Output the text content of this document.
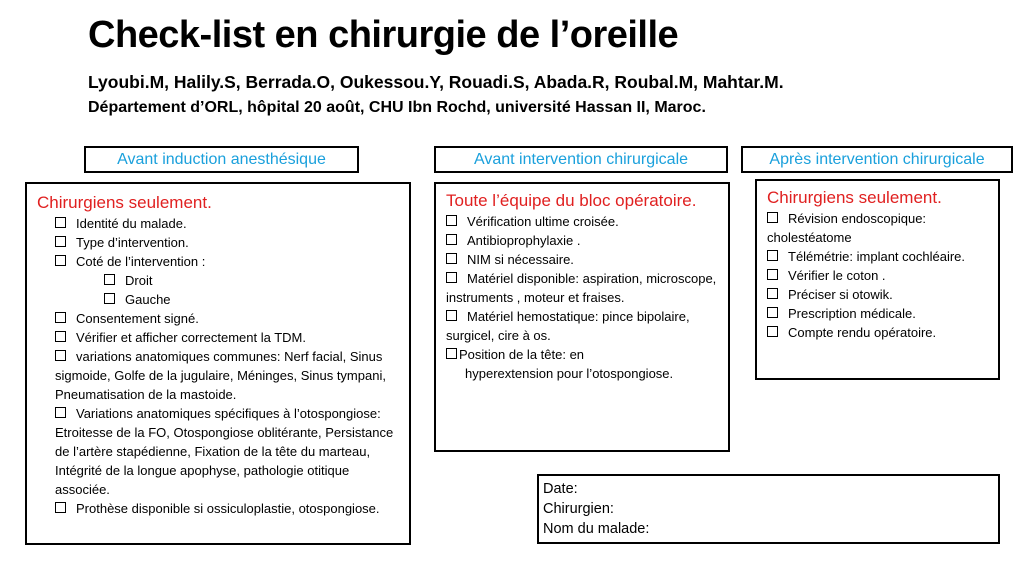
Check-list en chirurgie de l’oreille
Lyoubi.M, Halily.S, Berrada.O, Oukessou.Y, Rouadi.S, Abada.R, Roubal.M, Mahtar.M.
Département d’ORL, hôpital 20 août, CHU Ibn Rochd, université Hassan II, Maroc.
Avant induction anesthésique	Avant intervention chirurgicale	Après intervention chirurgicale
Chirurgiens seulement.
Identité du malade.
Type d’intervention.
Coté de l’intervention :
Droit
Gauche
Consentement signé.
Vérifier et afficher correctement la TDM.
variations anatomiques communes: Nerf facial, Sinus sigmoide, Golfe de la jugulaire, Méninges, Sinus tympani, Pneumatisation de la mastoide.
Variations anatomiques spécifiques à l’otospongiose: Etroitesse de la FO, Otospongiose oblitérante, Persistance de l’artère stapédienne, Fixation de la tête du marteau, Intégrité de la longue apophyse, pathologie otitique associée.
Prothèse disponible si ossiculoplastie, otospongiose.
Toute l’équipe du bloc opératoire.
Vérification ultime croisée.
Antibioprophylaxie .
NIM si nécessaire.
Matériel disponible: aspiration, microscope, instruments , moteur et fraises.
Matériel hemostatique: pince bipolaire, surgicel, cire à os.
Position de la tête: en
hyperextension pour l’otospongiose.
Chirurgiens seulement.
Révision endoscopique: cholestéatome
Télémétrie: implant cochléaire.
Vérifier le coton .
Préciser si otowik.
Prescription médicale.
Compte rendu opératoire.
Date:
Chirurgien:
Nom du malade:
